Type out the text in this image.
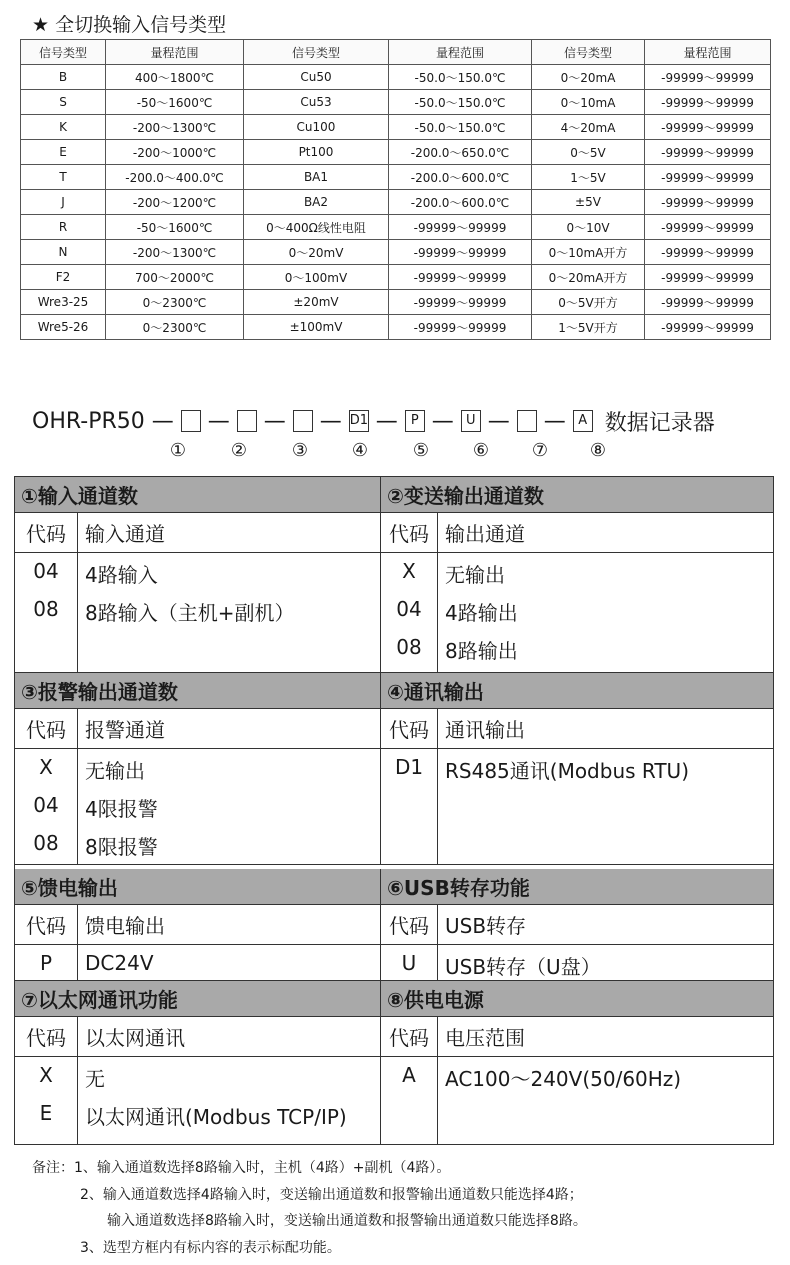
★ 全切换输入信号类型
信号类型	量程范围	信号类型	量程范围	信号类型	量程范围
B	400～1800℃	Cu50	-50.0～150.0℃	0～20mA	-99999～99999
S	-50～1600℃	Cu53	-50.0～150.0℃	0～10mA	-99999～99999
K	-200～1300℃	Cu100	-50.0～150.0℃	4～20mA	-99999～99999
E	-200～1000℃	Pt100	-200.0～650.0℃	0～5V	-99999～99999
T	-200.0～400.0℃	BA1	-200.0～600.0℃	1～5V	-99999～99999
J	-200～1200℃	BA2	-200.0～600.0℃	±5V	-99999～99999
R	-50～1600℃	0～400Ω线性电阻	-99999～99999	0～10V	-99999～99999
N	-200～1300℃	0～20mV	-99999～99999	0～10mA开方	-99999～99999
F2	700～2000℃	0～100mV	-99999～99999	0～20mA开方	-99999～99999
Wre3-25	0～2300℃	±20mV	-99999～99999	0～5V开方	-99999～99999
Wre5-26	0～2300℃	±100mV	-99999～99999	1～5V开方	-99999～99999
OHR-PR50 — — — — D1 —	P — U — — A 数据记录器
① ② ③ ④ ⑤ ⑥ ⑦ ⑧
①输入通道数
代码 输入通道
04	4路输入
08	8路输入（主机+副机）
②变送输出通道数
代码 输出通道
X	无输出
04	4路输出
08	8路输出
③报警输出通道数
代码 报警通道
X	无输出
04	4限报警
08	8限报警
④通讯输出
代码 通讯输出
D1	RS485通讯(Modbus RTU)
⑤馈电输出
代码 馈电输出
P	DC24V
⑥USB转存功能
代码 USB转存
U	USB转存（U盘）
⑦以太网通讯功能
代码 以太网通讯
X	无
E	以太网通讯(Modbus TCP/IP)
⑧供电电源
代码 电压范围
A	AC100～240V(50/60Hz)
备注：1、输入通道数选择8路输入时，主机（4路）+副机（4路）。
2、输入通道数选择4路输入时，变送输出通道数和报警输出通道数只能选择4路；
输入通道数选择8路输入时，变送输出通道数和报警输出通道数只能选择8路。
3、选型方框内有标内容的表示标配功能。
